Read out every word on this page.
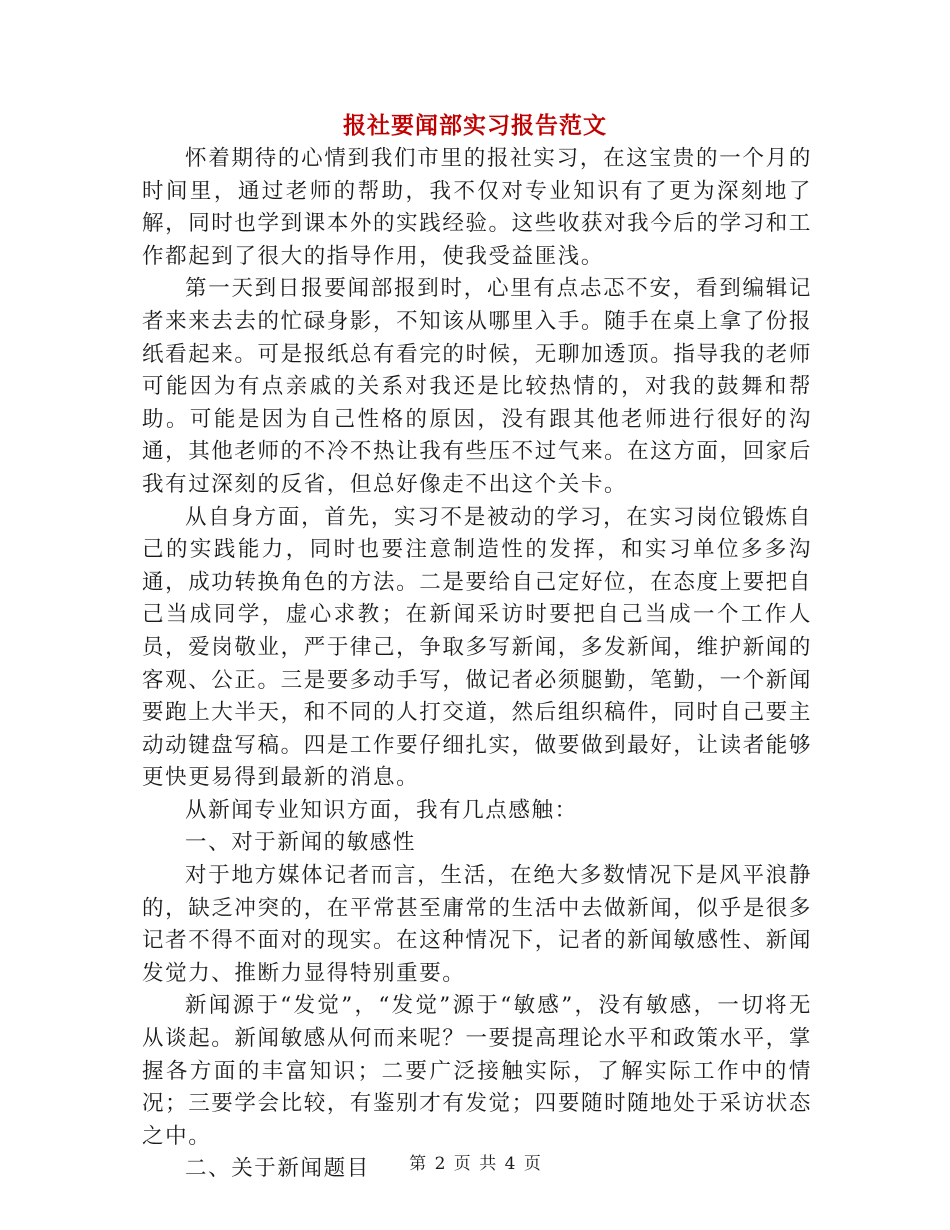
报社要闻部实习报告范文

怀着期待的心情到我们市里的报社实习，在这宝贵的一个月的时间里，通过老师的帮助，我不仅对专业知识有了更为深刻地了解，同时也学到课本外的实践经验。这些收获对我今后的学习和工作都起到了很大的指导作用，使我受益匪浅。

第一天到日报要闻部报到时，心里有点忐忑不安，看到编辑记者来来去去的忙碌身影，不知该从哪里入手。随手在桌上拿了份报纸看起来。可是报纸总有看完的时候，无聊加透顶。指导我的老师可能因为有点亲戚的关系对我还是比较热情的，对我的鼓舞和帮助。可能是因为自己性格的原因，没有跟其他老师进行很好的沟通，其他老师的不冷不热让我有些压不过气来。在这方面，回家后我有过深刻的反省，但总好像走不出这个关卡。

从自身方面，首先，实习不是被动的学习，在实习岗位锻炼自己的实践能力，同时也要注意制造性的发挥，和实习单位多多沟通，成功转换角色的方法。二是要给自己定好位，在态度上要把自己当成同学，虚心求教；在新闻采访时要把自己当成一个工作人员，爱岗敬业，严于律己，争取多写新闻，多发新闻，维护新闻的客观、公正。三是要多动手写，做记者必须腿勤，笔勤，一个新闻要跑上大半天，和不同的人打交道，然后组织稿件，同时自己要主动动键盘写稿。四是工作要仔细扎实，做要做到最好，让读者能够更快更易得到最新的消息。

从新闻专业知识方面，我有几点感触：

一、对于新闻的敏感性

对于地方媒体记者而言，生活，在绝大多数情况下是风平浪静的，缺乏冲突的，在平常甚至庸常的生活中去做新闻，似乎是很多记者不得不面对的现实。在这种情况下，记者的新闻敏感性、新闻发觉力、推断力显得特别重要。

新闻源于“发觉”，“发觉”源于“敏感”，没有敏感，一切将无从谈起。新闻敏感从何而来呢？一要提高理论水平和政策水平，掌握各方面的丰富知识；二要广泛接触实际，了解实际工作中的情况；三要学会比较，有鉴别才有发觉；四要随时随地处于采访状态之中。

二、关于新闻题目	第 2 页 共 4 页
